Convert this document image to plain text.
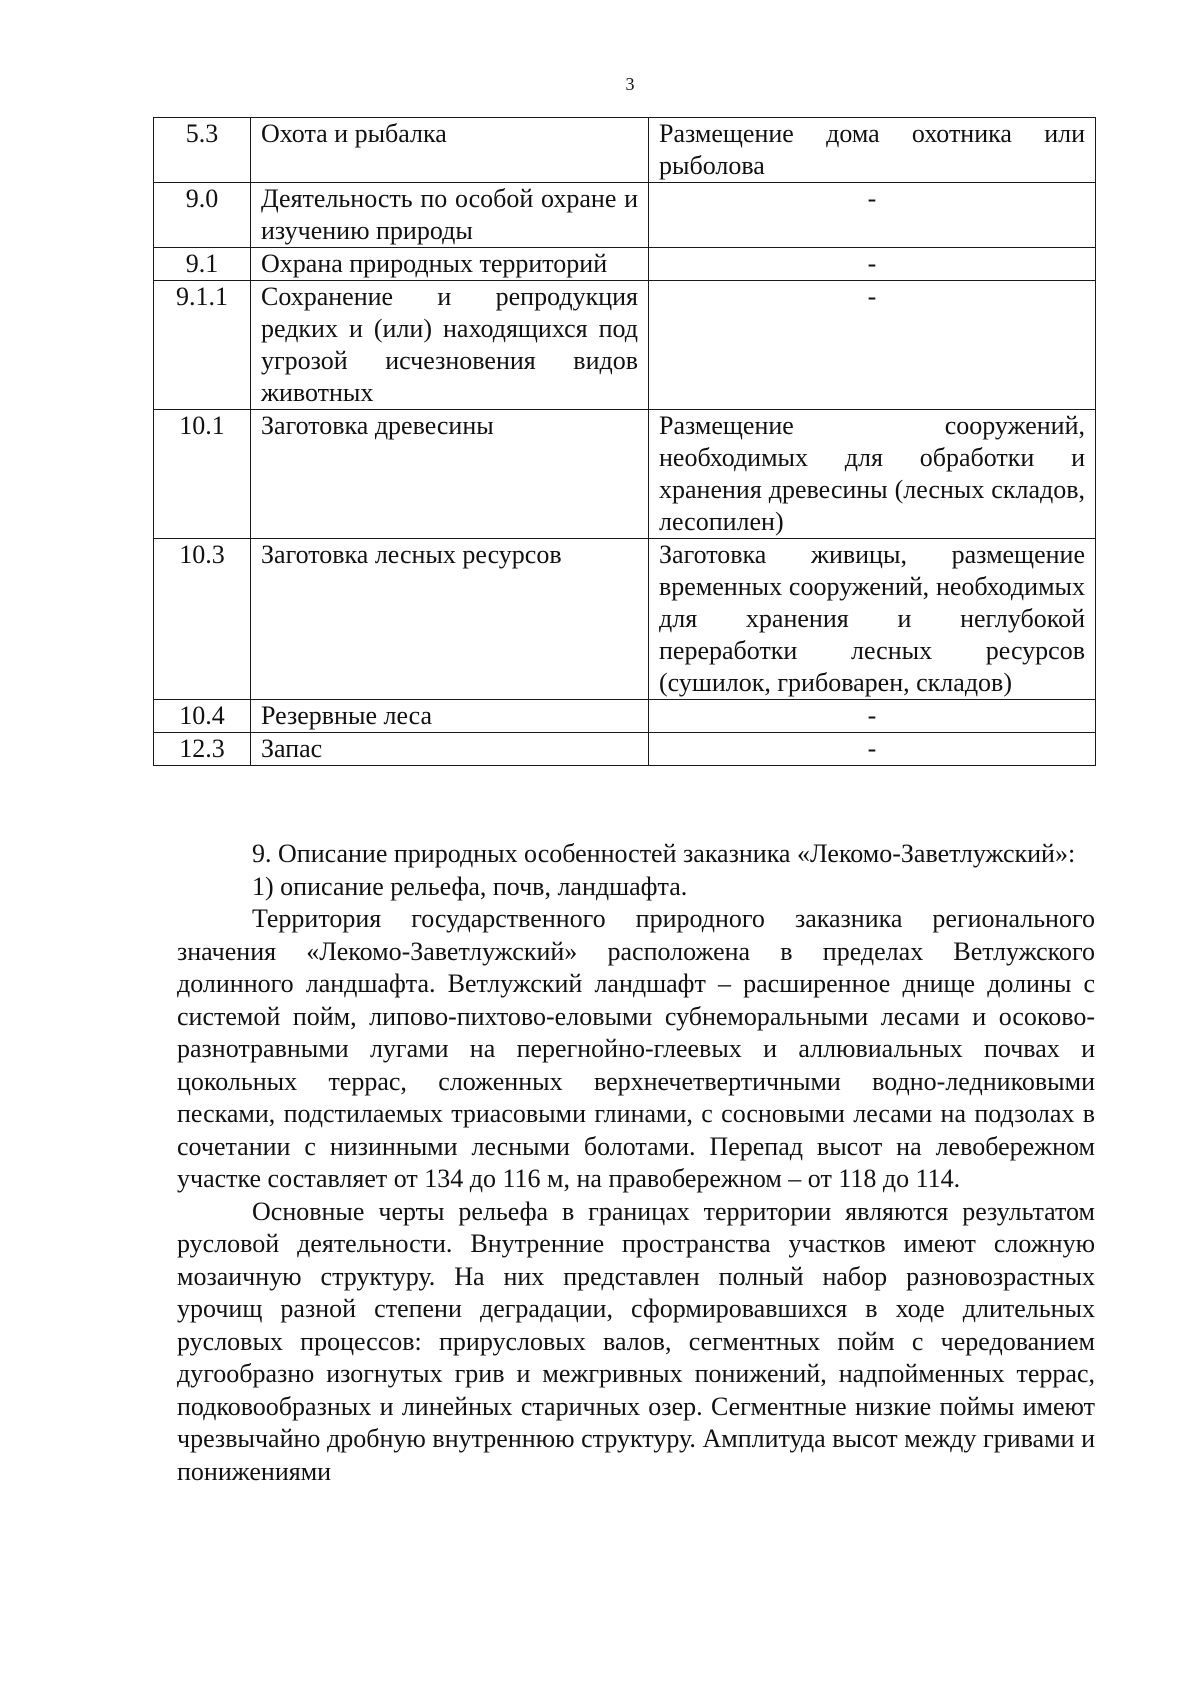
3
5.3	Охота и рыбалка	Размещение дома охотника или рыболова
9.0	Деятельность по особой охране и изучению природы	-
9.1	Охрана природных территорий	-
9.1.1	Сохранение и репродукция редких и (или) находящихся под угрозой исчезновения видов животных	-
10.1	Заготовка древесины	Размещение сооружений, необходимых для обработки и хранения древесины (лесных складов, лесопилен)
10.3	Заготовка лесных ресурсов	Заготовка живицы, размещение временных сооружений, необходимых для хранения и неглубокой переработки лесных ресурсов (сушилок, грибоварен, складов)
10.4	Резервные леса	-
12.3	Запас	-

9. Описание природных особенностей заказника «Лекомо-Заветлужский»:

1) описание рельефа, почв, ландшафта.

Территория государственного природного заказника регионального значения «Лекомо-Заветлужский» расположена в пределах Ветлужского долинного ландшафта. Ветлужский ландшафт – расширенное днище долины с системой пойм, липово-пихтово-еловыми субнеморальными лесами и осоково-разнотравными лугами на перегнойно-глеевых и аллювиальных почвах и цокольных террас, сложенных верхнечетвертичными водно-ледниковыми песками, подстилаемых триасовыми глинами, с сосновыми лесами на подзолах в сочетании с низинными лесными болотами. Перепад высот на левобережном участке составляет от 134 до 116 м, на правобережном – от 118 до 114.

Основные черты рельефа в границах территории являются результатом русловой деятельности. Внутренние пространства участков имеют сложную мозаичную структуру. На них представлен полный набор разновозрастных урочищ разной степени деградации, сформировавшихся в ходе длительных русловых процессов: прирусловых валов, сегментных пойм с чередованием дугообразно изогнутых грив и межгривных понижений, надпойменных террас, подковообразных и линейных старичных озер. Сегментные низкие поймы имеют чрезвычайно дробную внутреннюю структуру. Амплитуда высот между гривами и понижениями
